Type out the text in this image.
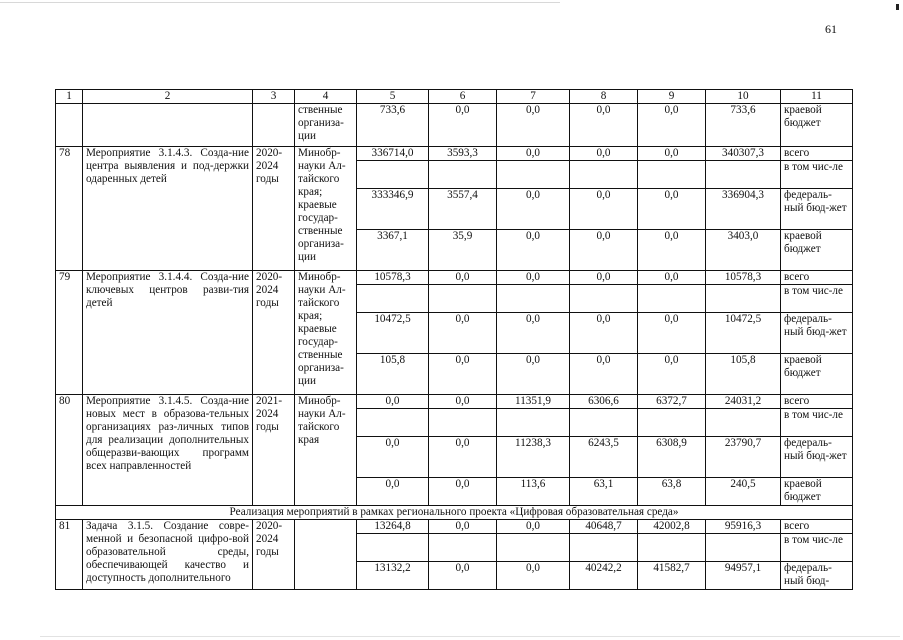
61
1	2	3	4	5	6	7	8	9	10	11
			ственные организа-ции	733,6	0,0	0,0	0,0	0,0	733,6	краевой бюджет
78	Мероприятие 3.1.4.3. Созда-ние центра выявления и под-держки одаренных детей	2020-2024 годы	Минобр-науки Ал-тайского края; краевые государ-ственные организа-ции	336714,0	3593,3	0,0	0,0	0,0	340307,3	всего
										в том чис-ле
				333346,9	3557,4	0,0	0,0	0,0	336904,3	федераль-ный бюд-жет
				3367,1	35,9	0,0	0,0	0,0	3403,0	краевой бюджет
79	Мероприятие 3.1.4.4. Созда-ние ключевых центров разви-тия детей	2020-2024 годы	Минобр-науки Ал-тайского края; краевые государ-ственные организа-ции	10578,3	0,0	0,0	0,0	0,0	10578,3	всего
										в том чис-ле
				10472,5	0,0	0,0	0,0	0,0	10472,5	федераль-ный бюд-жет
				105,8	0,0	0,0	0,0	0,0	105,8	краевой бюджет
80	Мероприятие 3.1.4.5. Созда-ние новых мест в образова-тельных организациях раз-личных типов для реализации дополнительных общеразви-вающих программ всех направленностей	2021-2024 годы	Минобр-науки Ал-тайского края	0,0	0,0	11351,9	6306,6	6372,7	24031,2	всего
										в том чис-ле
				0,0	0,0	11238,3	6243,5	6308,9	23790,7	федераль-ный бюд-жет
				0,0	0,0	113,6	63,1	63,8	240,5	краевой бюджет
Реализация мероприятий в рамках регионального проекта «Цифровая образовательная среда»										
81	Задача 3.1.5. Создание совре-менной и безопасной цифро-вой образовательной среды, обеспечивающей качество и доступность дополнительного	2020-2024 годы		13264,8	0,0	0,0	40648,7	42002,8	95916,3	всего
										в том чис-ле
				13132,2	0,0	0,0	40242,2	41582,7	94957,1	федераль-ный бюд-
